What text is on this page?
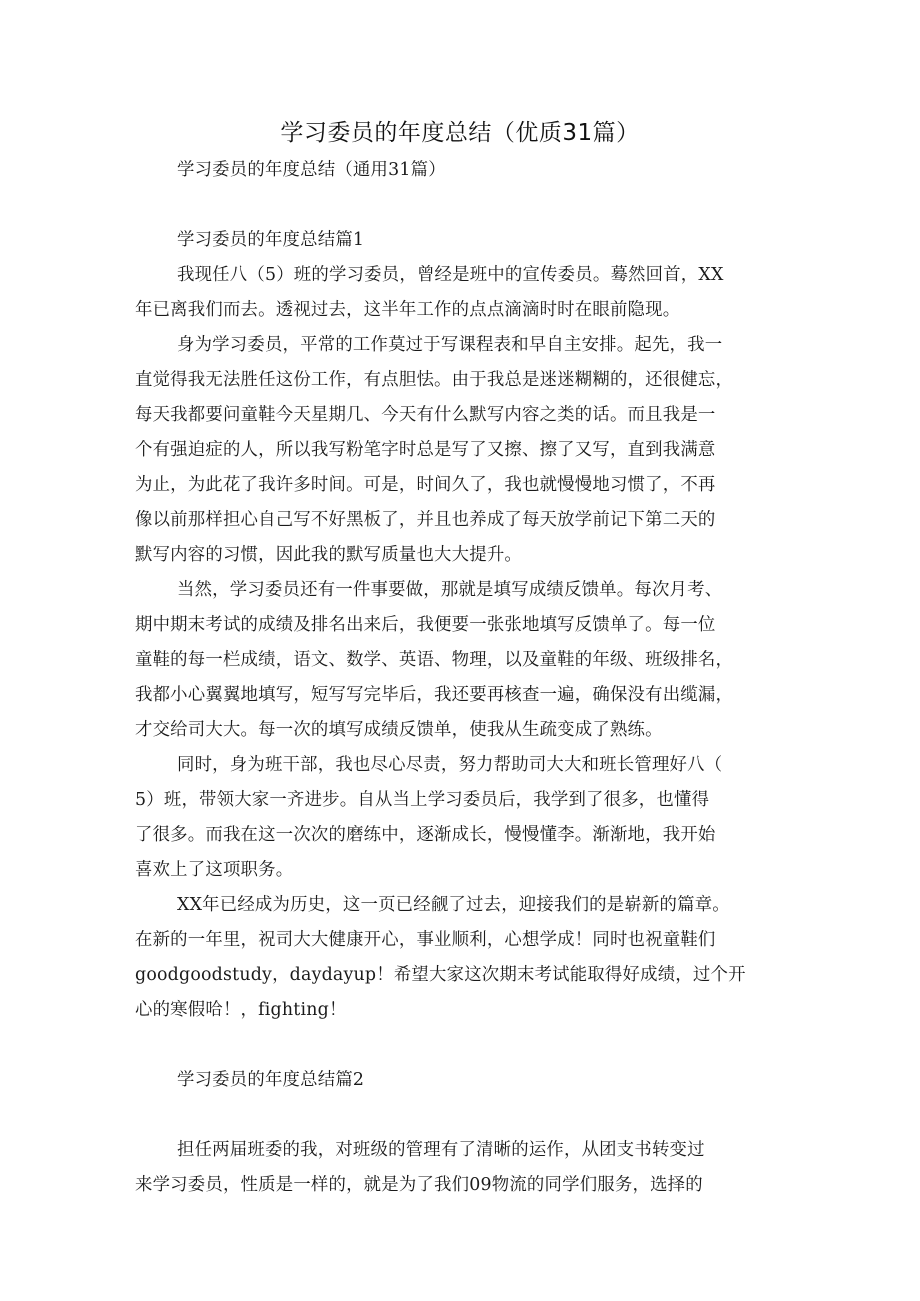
学习委员的年度总结（优质31篇）
学习委员的年度总结（通用31篇）
学习委员的年度总结篇1
我现任八（5）班的学习委员，曾经是班中的宣传委员。蓦然回首，XX
年已离我们而去。透视过去，这半年工作的点点滴滴时时在眼前隐现。
身为学习委员，平常的工作莫过于写课程表和早自主安排。起先，我一
直觉得我无法胜任这份工作，有点胆怯。由于我总是迷迷糊糊的，还很健忘，
每天我都要问童鞋今天星期几、今天有什么默写内容之类的话。而且我是一
个有强迫症的人，所以我写粉笔字时总是写了又擦、擦了又写，直到我满意
为止，为此花了我许多时间。可是，时间久了，我也就慢慢地习惯了，不再
像以前那样担心自己写不好黑板了，并且也养成了每天放学前记下第二天的
默写内容的习惯，因此我的默写质量也大大提升。
当然，学习委员还有一件事要做，那就是填写成绩反馈单。每次月考、
期中期末考试的成绩及排名出来后，我便要一张张地填写反馈单了。每一位
童鞋的每一栏成绩，语文、数学、英语、物理，以及童鞋的年级、班级排名，
我都小心翼翼地填写，短写写完毕后，我还要再核查一遍，确保没有出缆漏，
才交给司大大。每一次的填写成绩反馈单，使我从生疏变成了熟练。
同时，身为班干部，我也尽心尽责，努力帮助司大大和班长管理好八（
5）班，带领大家一齐进步。自从当上学习委员后，我学到了很多，也懂得
了很多。而我在这一次次的磨练中，逐渐成长，慢慢懂李。渐渐地，我开始
喜欢上了这项职务。
XX年已经成为历史，这一页已经觎了过去，迎接我们的是崭新的篇章。
在新的一年里，祝司大大健康开心，事业顺利，心想学成！同时也祝童鞋们
goodgoodstudy，daydayup！希望大家这次期末考试能取得好成绩，过个开
心的寒假哈！，fighting！
学习委员的年度总结篇2
担任两届班委的我，对班级的管理有了清晰的运作，从团支书转变过
来学习委员，性质是一样的，就是为了我们09物流的同学们服务，选择的
